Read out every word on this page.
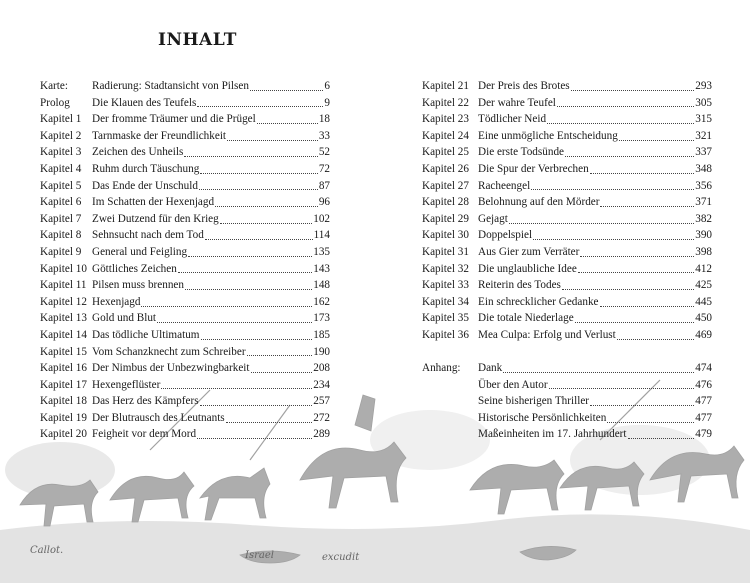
INHALT
Karte:	Radierung: Stadtansicht von Pilsen	6
Prolog	Die Klauen des Teufels	9
Kapitel 1 Der fromme Träumer und die Prügel	18
Kapitel 2 Tarnmaske der Freundlichkeit	33
Kapitel 3 Zeichen des Unheils	52
Kapitel 4 Ruhm durch Täuschung	72
Kapitel 5 Das Ende der Unschuld	87
Kapitel 6 Im Schatten der Hexenjagd	96
Kapitel 7 Zwei Dutzend für den Krieg	102
Kapitel 8 Sehnsucht nach dem Tod	114
Kapitel 9 General und Feigling	135
Kapitel 10 Göttliches Zeichen	143
Kapitel 11 Pilsen muss brennen	148
Kapitel 12 Hexenjagd	162
Kapitel 13 Gold und Blut	173
Kapitel 14 Das tödliche Ultimatum	185
Kapitel 15 Vom Schanzknecht zum Schreiber	190
Kapitel 16 Der Nimbus der Unbezwingbarkeit	208
Kapitel 17 Hexengeflüster	234
Kapitel 18 Das Herz des Kämpfers	257
Kapitel 19 Der Blutrausch des Leutnants	272
Kapitel 20 Feigheit vor dem Mord	289
Kapitel 21 Der Preis des Brotes	293
Kapitel 22 Der wahre Teufel	305
Kapitel 23 Tödlicher Neid	315
Kapitel 24 Eine unmögliche Entscheidung	321
Kapitel 25 Die erste Todsünde	337
Kapitel 26 Die Spur der Verbrechen	348
Kapitel 27 Racheengel	356
Kapitel 28 Belohnung auf den Mörder	371
Kapitel 29 Gejagt	382
Kapitel 30 Doppelspiel	390
Kapitel 31 Aus Gier zum Verräter	398
Kapitel 32 Die unglaubliche Idee	412
Kapitel 33 Reiterin des Todes	425
Kapitel 34 Ein schrecklicher Gedanke	445
Kapitel 35 Die totale Niederlage	450
Kapitel 36 Mea Culpa: Erfolg und Verlust	469
Anhang:	Dank	474
Über den Autor	476
Seine bisherigen Thriller	477
Historische Persönlichkeiten	477
Maßeinheiten im 17. Jahrhundert	479
Callot.	Israel	excudit
